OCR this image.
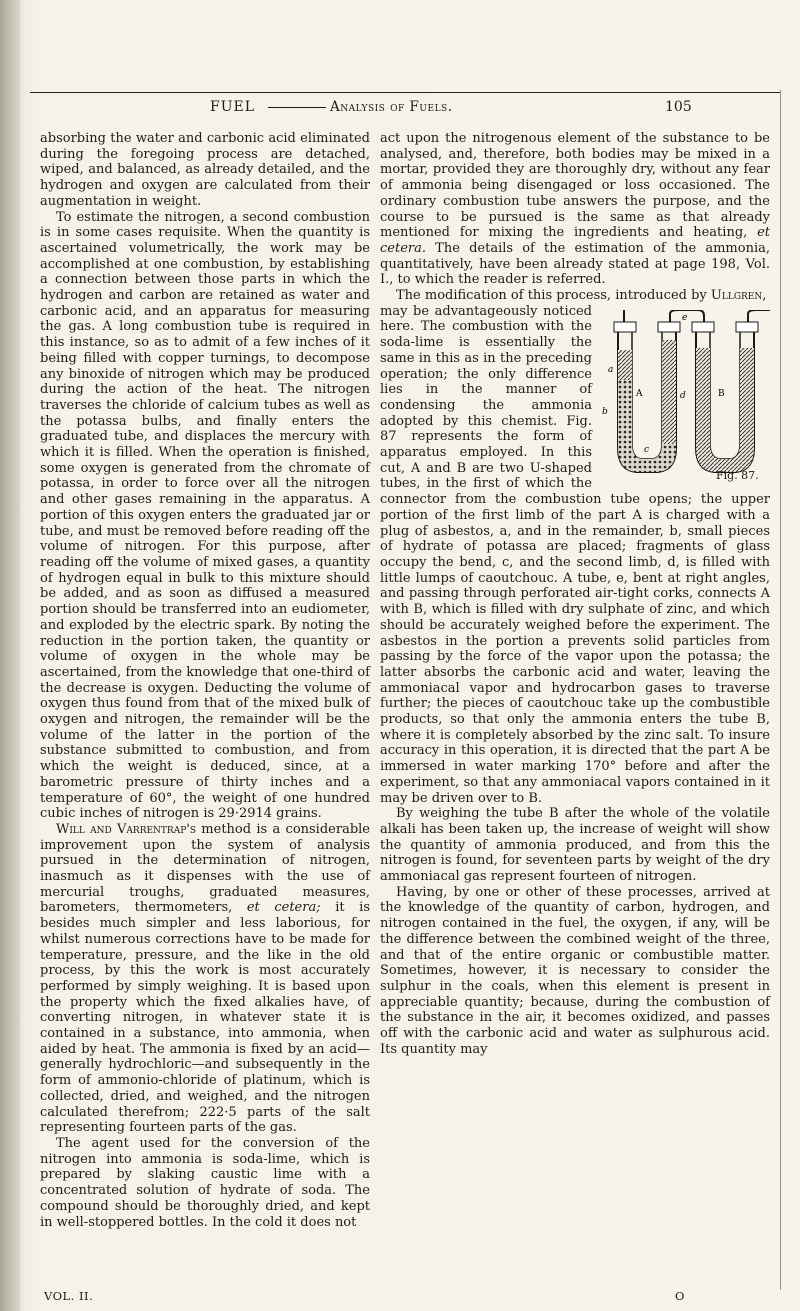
FUEL	Analysis of Fuels.	105

absorbing the water and carbonic acid eliminated during the foregoing process are detached, wiped, and balanced, as already detailed, and the hydrogen and oxygen are calculated from their augmentation in weight.

To estimate the nitrogen, a second combustion is in some cases requisite. When the quantity is ascertained volumetrically, the work may be accomplished at one combustion, by establishing a connection between those parts in which the hydrogen and carbon are retained as water and carbonic acid, and an apparatus for measuring the gas. A long combustion tube is required in this instance, so as to admit of a few inches of it being filled with copper turnings, to decompose any binoxide of nitrogen which may be produced during the action of the heat. The nitrogen traverses the chloride of calcium tubes as well as the potassa bulbs, and finally enters the graduated tube, and displaces the mercury with which it is filled. When the operation is finished, some oxygen is generated from the chromate of potassa, in order to force over all the nitrogen and other gases remaining in the apparatus. A portion of this oxygen enters the graduated jar or tube, and must be removed before reading off the volume of nitrogen. For this purpose, after reading off the volume of mixed gases, a quantity of hydrogen equal in bulk to this mixture should be added, and as soon as diffused a measured portion should be transferred into an eudiometer, and exploded by the electric spark. By noting the reduction in the portion taken, the quantity or volume of oxygen in the whole may be ascertained, from the knowledge that one-third of the decrease is oxygen. Deducting the volume of oxygen thus found from that of the mixed bulk of oxygen and nitrogen, the remainder will be the volume of the latter in the portion of the substance submitted to combustion, and from which the weight is deduced, since, at a barometric pressure of thirty inches and a temperature of 60°, the weight of one hundred cubic inches of nitrogen is 29·2914 grains.

Will and Varrentrap's method is a considerable improvement upon the system of analysis pursued in the determination of nitrogen, inasmuch as it dispenses with the use of mercurial troughs, graduated measures, barometers, thermometers, et cetera; it is besides much simpler and less laborious, for whilst numerous corrections have to be made for temperature, pressure, and the like in the old process, by this the work is most accurately performed by simply weighing. It is based upon the property which the fixed alkalies have, of converting nitrogen, in whatever state it is contained in a substance, into ammonia, when aided by heat. The ammonia is fixed by an acid—generally hydrochloric—and subsequently in the form of ammonio-chloride of platinum, which is collected, dried, and weighed, and the nitrogen calculated therefrom; 222·5 parts of the salt representing fourteen parts of the gas.

The agent used for the conversion of the nitrogen into ammonia is soda-lime, which is prepared by slaking caustic lime with a concentrated solution of hydrate of soda. The compound should be thoroughly dried, and kept in well-stoppered bottles. In the cold it does not

act upon the nitrogenous element of the substance to be analysed, and, therefore, both bodies may be mixed in a mortar, provided they are thoroughly dry, without any fear of ammonia being disengaged or loss occasioned. The ordinary combustion tube answers the purpose, and the course to be pursued is the same as that already mentioned for mixing the ingredients and heating, et cetera. The details of the estimation of the ammonia, quantitatively, have been already stated at page 198, Vol. I., to which the reader is referred.

The modification of this process, introduced by Ullgren,

a
b
c
d
e
A	B
Fig. 87.
may be advantageously noticed here. The combustion with the soda-lime is essentially the same in this as in the preceding operation; the only difference lies in the manner of condensing the ammonia adopted by this chemist. Fig. 87 represents the form of apparatus employed. In this cut, A and B are two U-shaped tubes, in the first of which the connector from the combustion tube opens; the upper portion of the first limb of the part A is charged with a plug of asbestos, a, and in the remainder, b, small pieces of hydrate of potassa are placed; fragments of glass occupy the bend, c, and the second limb, d, is filled with little lumps of caoutchouc. A tube, e, bent at right angles, and passing through perforated air-tight corks, connects A with B, which is filled with dry sulphate of zinc, and which should be accurately weighed before the experiment. The asbestos in the portion a prevents solid particles from passing by the force of the vapor upon the potassa; the latter absorbs the carbonic acid and water, leaving the ammoniacal vapor and hydrocarbon gases to traverse further; the pieces of caoutchouc take up the combustible products, so that only the ammonia enters the tube B, where it is completely absorbed by the zinc salt. To insure accuracy in this operation, it is directed that the part A be immersed in water marking 170° before and after the experiment, so that any ammoniacal vapors contained in it may be driven over to B.

By weighing the tube B after the whole of the volatile alkali has been taken up, the increase of weight will show the quantity of ammonia produced, and from this the nitrogen is found, for seventeen parts by weight of the dry ammoniacal gas represent fourteen of nitrogen.

Having, by one or other of these processes, arrived at the knowledge of the quantity of carbon, hydrogen, and nitrogen contained in the fuel, the oxygen, if any, will be the difference between the combined weight of the three, and that of the entire organic or combustible matter. Sometimes, however, it is necessary to consider the sulphur in the coals, when this element is present in appreciable quantity; because, during the combustion of the substance in the air, it becomes oxidized, and passes off with the carbonic acid and water as sulphurous acid. Its quantity may

VOL. II.	O
